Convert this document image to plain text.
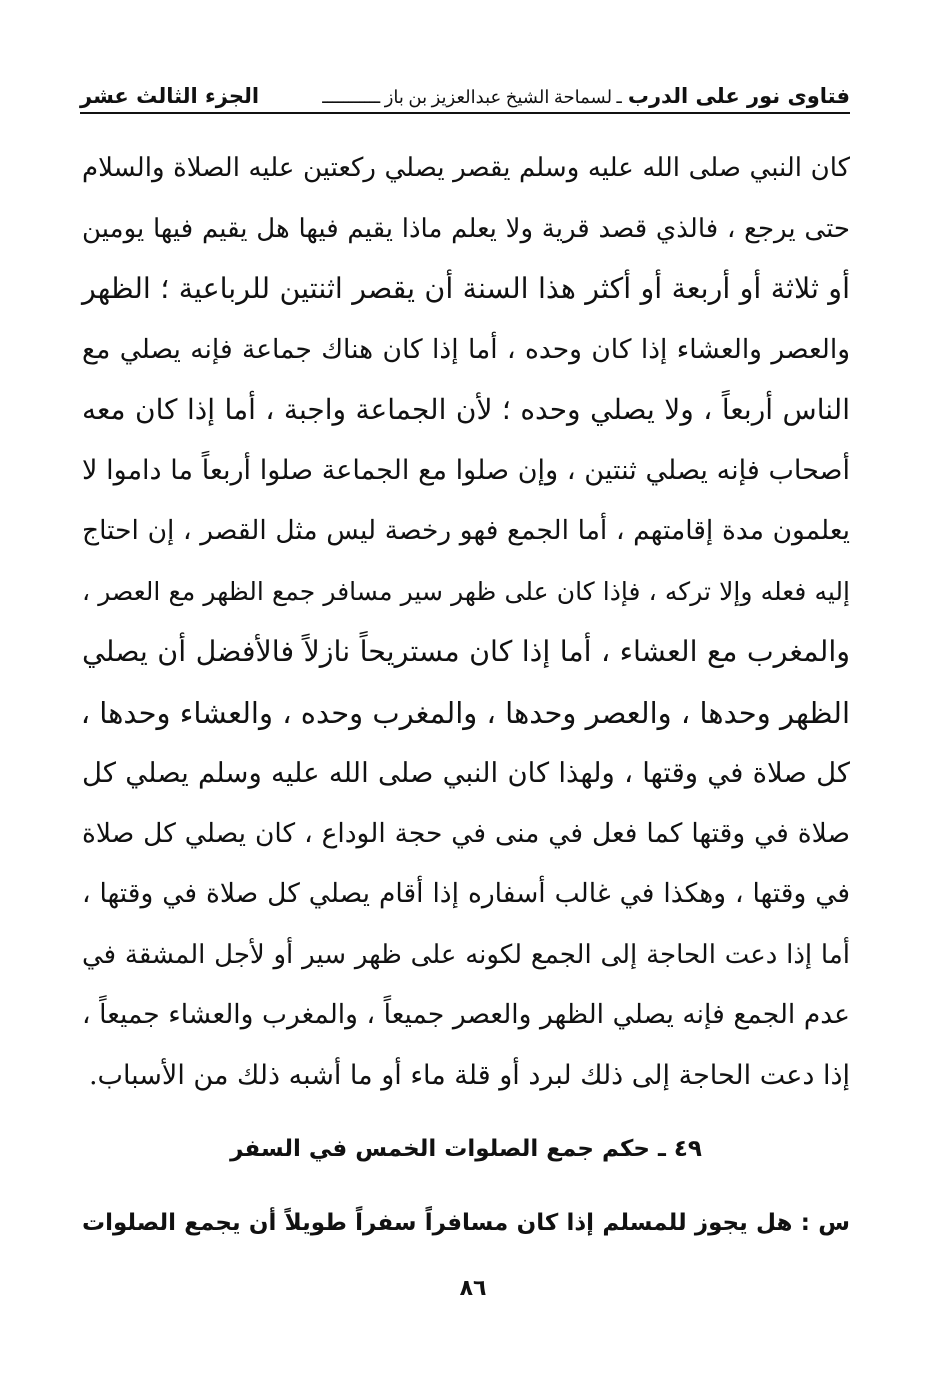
فتاوى نور على الدرب
ـ لسماحة الشيخ عبدالعزيز بن باز ـــــــــــ
الجزء الثالث عشر
كان النبي صلى الله عليه وسلم يقصر يصلي ركعتين عليه الصلاة والسلام
حتى يرجع ، فالذي قصد قرية ولا يعلم ماذا يقيم فيها هل يقيم فيها يومين
أو ثلاثة أو أربعة أو أكثر هذا السنة أن يقصر اثنتين للرباعية ؛ الظهر
والعصر والعشاء إذا كان وحده ، أما إذا كان هناك جماعة فإنه يصلي مع
الناس أربعاً ، ولا يصلي وحده ؛ لأن الجماعة واجبة ، أما إذا كان معه
أصحاب فإنه يصلي ثنتين ، وإن صلوا مع الجماعة صلوا أربعاً ما داموا لا
يعلمون مدة إقامتهم ، أما الجمع فهو رخصة ليس مثل القصر ، إن احتاج
إليه فعله وإلا تركه ، فإذا كان على ظهر سير مسافر جمع الظهر مع العصر ،
والمغرب مع العشاء ، أما إذا كان مستريحاً نازلاً فالأفضل أن يصلي
الظهر وحدها ، والعصر وحدها ، والمغرب وحده ، والعشاء وحدها ،
كل صلاة في وقتها ، ولهذا كان النبي صلى الله عليه وسلم يصلي كل
صلاة في وقتها كما فعل في منى في حجة الوداع ، كان يصلي كل صلاة
في وقتها ، وهكذا في غالب أسفاره إذا أقام يصلي كل صلاة في وقتها ،
أما إذا دعت الحاجة إلى الجمع لكونه على ظهر سير أو لأجل المشقة في
عدم الجمع فإنه يصلي الظهر والعصر جميعاً ، والمغرب والعشاء جميعاً ،
إذا دعت الحاجة إلى ذلك لبرد أو قلة ماء أو ما أشبه ذلك من الأسباب.
٤٩ ـ حكم جمع الصلوات الخمس في السفر
س : هل يجوز للمسلم إذا كان مسافراً سفراً طويلاً أن يجمع الصلوات
٨٦
